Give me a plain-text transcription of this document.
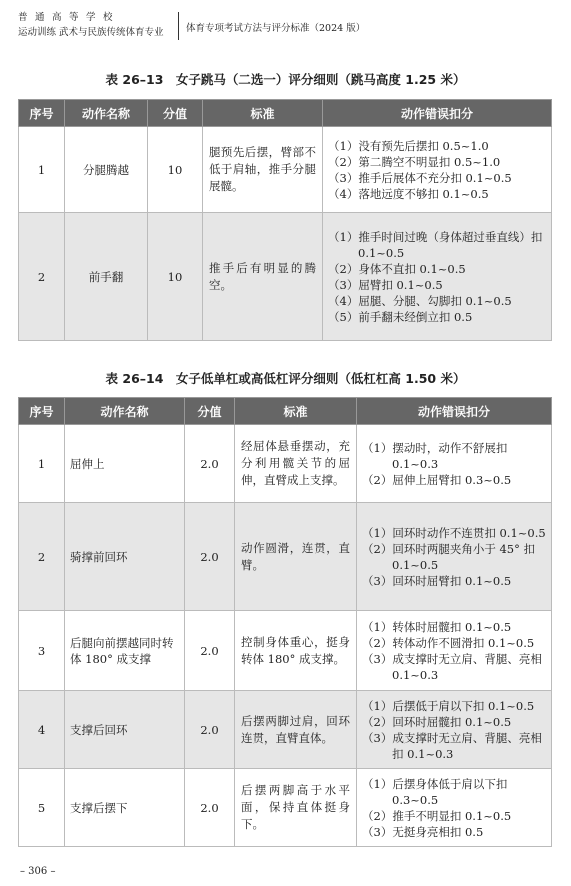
普通高等学校
运动训练 武术与民族传统体育专业 体育专项考试方法与评分标准（2024 版）
表 26–13　女子跳马（二选一）评分细则（跳马高度 1.25 米）
序号	动作名称	分值	标准	动作错误扣分
1	分腿腾越	10	腿预先后摆，臂部不低于肩轴，推手分腿展髋。	（1）没有预先后摆扣 0.5~1.0
（2）第二腾空不明显扣 0.5~1.0
（3）推手后展体不充分扣 0.1~0.5
（4）落地远度不够扣 0.1~0.5

2	前手翻	10	推手后有明显的腾空。	（1）推手时间过晚（身体超过垂直线）扣 0.1~0.5
（2）身体不直扣 0.1~0.5
（3）屈臂扣 0.1~0.5
（4）屈腿、分腿、勾脚扣 0.1~0.5
（5）前手翻未经倒立扣 0.5
表 26–14　女子低单杠或高低杠评分细则（低杠杠高 1.50 米）
序号	动作名称	分值	标准	动作错误扣分
1	屈伸上	2.0	经屈体悬垂摆动，充分利用髋关节的屈伸，直臂成上支撑。	（1）摆动时，动作不舒展扣 0.1~0.3
（2）屈伸上屈臂扣 0.3~0.5

2	骑撑前回环	2.0	动作圆滑，连贯，直臂。	（1）回环时动作不连贯扣 0.1~0.5
（2）回环时两腿夹角小于 45° 扣 0.1~0.5
（3）回环时屈臂扣 0.1~0.5

3	后腿向前摆越同时转体 180° 成支撑	2.0	控制身体重心，挺身转体 180° 成支撑。	（1）转体时屈髋扣 0.1~0.5
（2）转体动作不圆滑扣 0.1~0.5
（3）成支撑时无立肩、背腿、亮相 0.1~0.3

4	支撑后回环	2.0	后摆两脚过肩，回环连贯，直臂直体。	（1）后摆低于肩以下扣 0.1~0.5
（2）回环时屈髋扣 0.1~0.5
（3）成支撑时无立肩、背腿、亮相扣 0.1~0.3

5	支撑后摆下	2.0	后摆两脚高于水平面，保持直体挺身下。	（1）后摆身体低于肩以下扣 0.3~0.5
（2）推手不明显扣 0.1~0.5
（3）无挺身亮相扣 0.5
– 306 –
